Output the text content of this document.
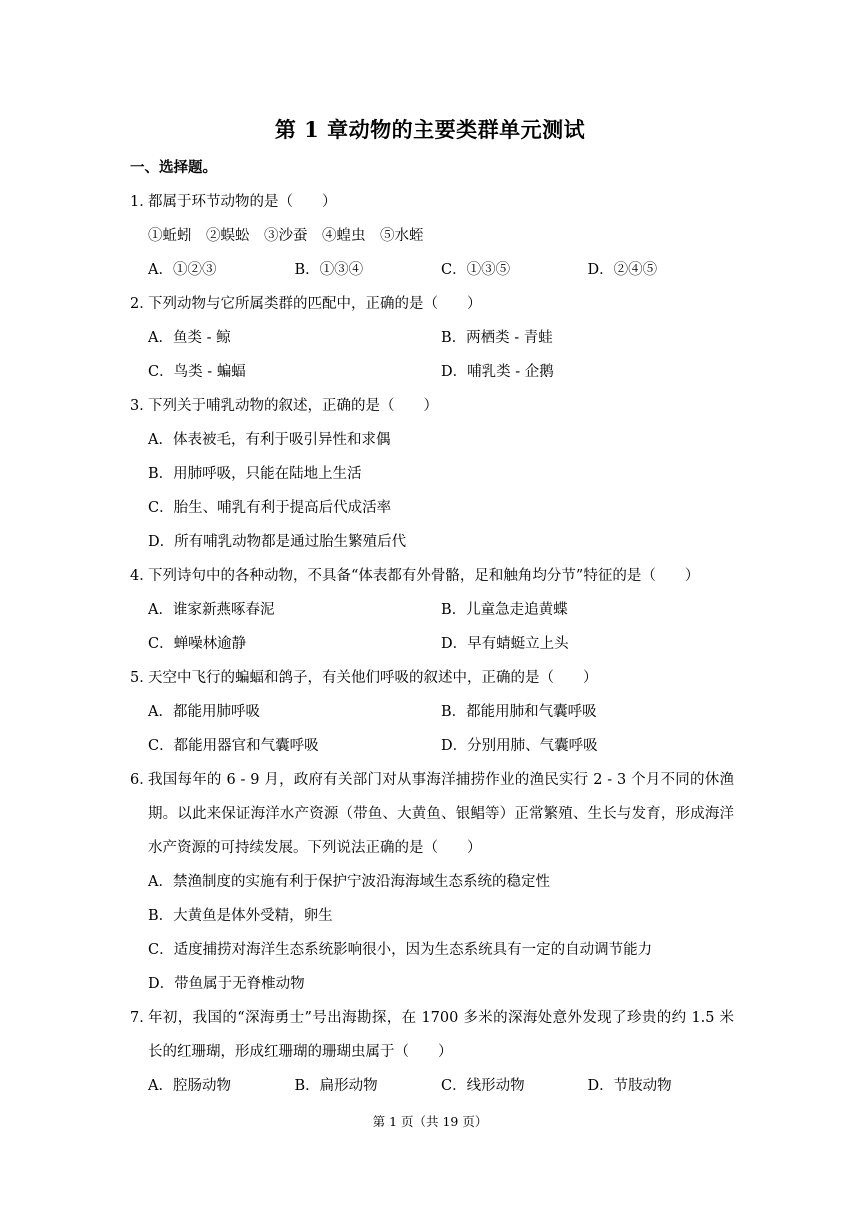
第 1 章动物的主要类群单元测试
一、选择题。
1．
都属于环节动物的是（　　）
①蚯蚓　②蜈蚣　③沙蚕　④蝗虫　⑤水蛭
A．①②③	B．①③④	C．①③⑤	D．②④⑤
2．
下列动物与它所属类群的匹配中，正确的是（　　）
A．鱼类 - 鲸	B．两栖类 - 青蛙
C．鸟类 - 蝙蝠	D．哺乳类 - 企鹅
3．
下列关于哺乳动物的叙述，正确的是（　　）
A．体表被毛，有利于吸引异性和求偶
B．用肺呼吸，只能在陆地上生活
C．胎生、哺乳有利于提高后代成活率
D．所有哺乳动物都是通过胎生繁殖后代
4．
下列诗句中的各种动物，不具备“体表都有外骨骼，足和触角均分节”特征的是（　　）
A．谁家新燕啄春泥	B．儿童急走追黄蝶
C．蝉噪林逾静	D．早有蜻蜓立上头
5．
天空中飞行的蝙蝠和鸽子，有关他们呼吸的叙述中，正确的是（　　）
A．都能用肺呼吸	B．都能用肺和气囊呼吸
C．都能用器官和气囊呼吸	D．分别用肺、气囊呼吸
6．
我国每年的 6 - 9 月，政府有关部门对从事海洋捕捞作业的渔民实行 2 - 3 个月不同的休渔期。以此来保证海洋水产资源（带鱼、大黄鱼、银鲳等）正常繁殖、生长与发育，形成海洋水产资源的可持续发展。下列说法正确的是（　　）
A．禁渔制度的实施有利于保护宁波沿海海域生态系统的稳定性
B．大黄鱼是体外受精，卵生
C．适度捕捞对海洋生态系统影响很小，因为生态系统具有一定的自动调节能力
D．带鱼属于无脊椎动物
7．
年初，我国的“深海勇士”号出海勘探，在 1700 多米的深海处意外发现了珍贵的约 1.5 米长的红珊瑚，形成红珊瑚的珊瑚虫属于（　　）
A．腔肠动物	B．扁形动物	C．线形动物	D．节肢动物
第 1 页（共 19 页）
